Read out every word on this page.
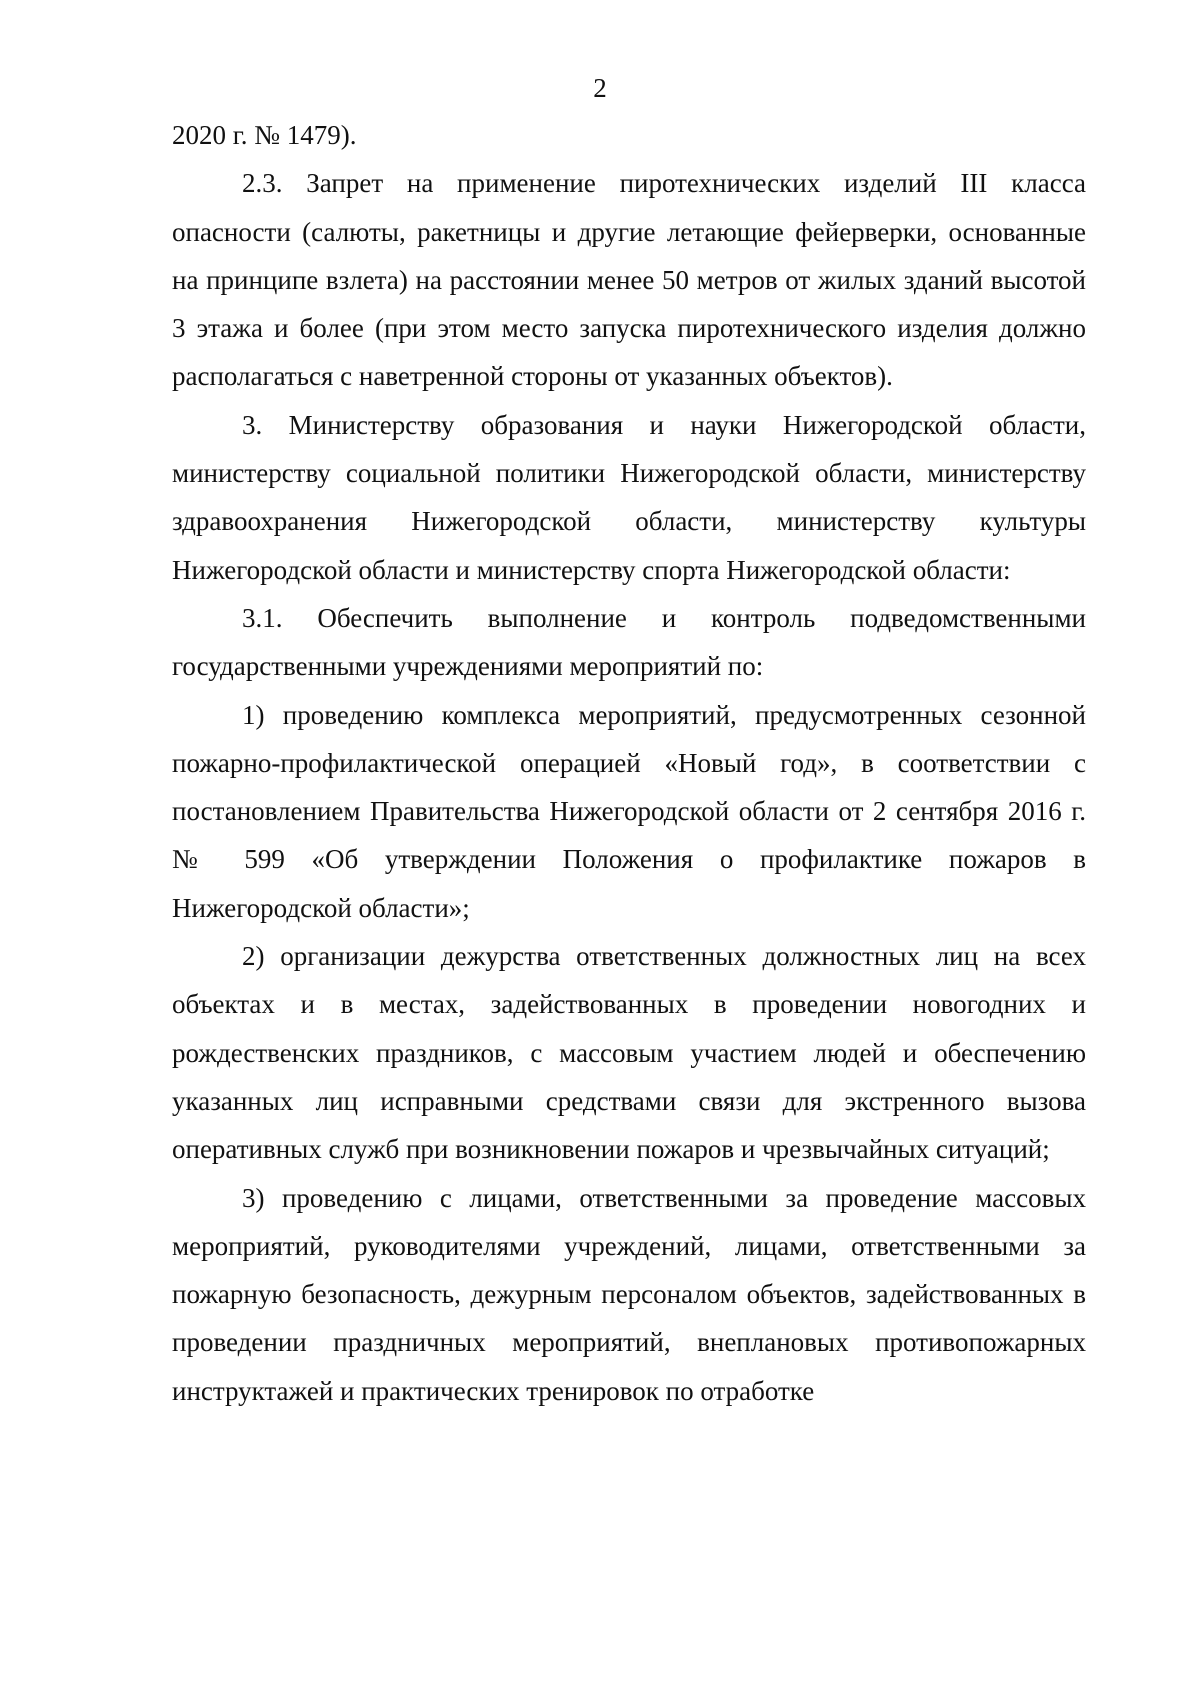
2

2020 г. № 1479).

2.3. Запрет на применение пиротехнических изделий III класса опасности (салюты, ракетницы и другие летающие фейерверки, основанные на принципе взлета) на расстоянии менее 50 метров от жилых зданий высотой 3 этажа и более (при этом место запуска пиротехнического изделия должно располагаться с наветренной стороны от указанных объектов).

3. Министерству образования и науки Нижегородской области, министерству социальной политики Нижегородской области, министерству здравоохранения Нижегородской области, министерству культуры Нижегородской области и министерству спорта Нижегородской области:

3.1. Обеспечить выполнение и контроль подведомственными государственными учреждениями мероприятий по:

1) проведению комплекса мероприятий, предусмотренных сезонной пожарно-профилактической операцией «Новый год», в соответствии с постановлением Правительства Нижегородской области от 2 сентября 2016 г. № 599 «Об утверждении Положения о профилактике пожаров в Нижегородской области»;

2) организации дежурства ответственных должностных лиц на всех объектах и в местах, задействованных в проведении новогодних и рождественских праздников, с массовым участием людей и обеспечению указанных лиц исправными средствами связи для экстренного вызова оперативных служб при возникновении пожаров и чрезвычайных ситуаций;

3) проведению с лицами, ответственными за проведение массовых мероприятий, руководителями учреждений, лицами, ответственными за пожарную безопасность, дежурным персоналом объектов, задействованных в проведении праздничных мероприятий, внеплановых противопожарных инструктажей и практических тренировок по отработке
